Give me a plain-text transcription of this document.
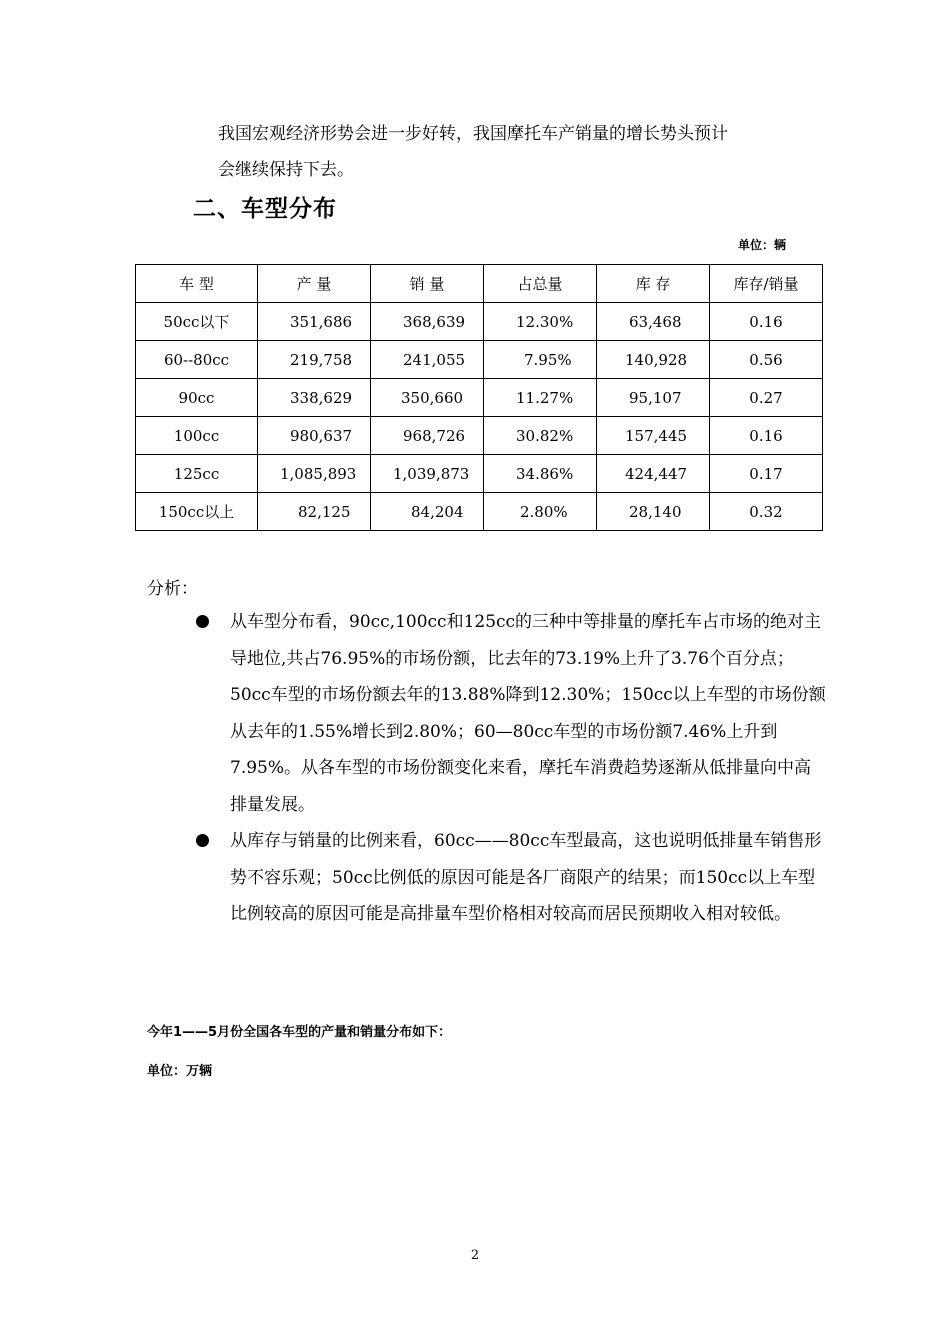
我国宏观经济形势会进一步好转，我国摩托车产销量的增长势头预计

会继续保持下去。

二、车型分布
单位：辆
车 型	产 量	销 量	占总量	库 存	库存/销量
50cc以下	351,686	368,639	12.30%	63,468	0.16
60--80cc	219,758	241,055	7.95%	140,928	0.56
90cc	338,629	350,660	11.27%	95,107	0.27
100cc	980,637	968,726	30.82%	157,445	0.16
125cc	1,085,893	1,039,873	34.86%	424,447	0.17
150cc以上	82,125	84,204	2.80%	28,140	0.32
分析：
从车型分布看，90cc,100cc和125cc的三种中等排量的摩托车占市场的绝对主导地位,共占76.95%的市场份额，比去年的73.19%上升了3.76个百分点；50cc车型的市场份额去年的13.88%降到12.30%；150cc以上车型的市场份额从去年的1.55%增长到2.80%；60—80cc车型的市场份额7.46%上升到7.95%。从各车型的市场份额变化来看，摩托车消费趋势逐渐从低排量向中高排量发展。
从库存与销量的比例来看，60cc——80cc车型最高，这也说明低排量车销售形势不容乐观；50cc比例低的原因可能是各厂商限产的结果；而150cc以上车型比例较高的原因可能是高排量车型价格相对较高而居民预期收入相对较低。
今年1——5月份全国各车型的产量和销量分布如下：
单位：万辆
2
